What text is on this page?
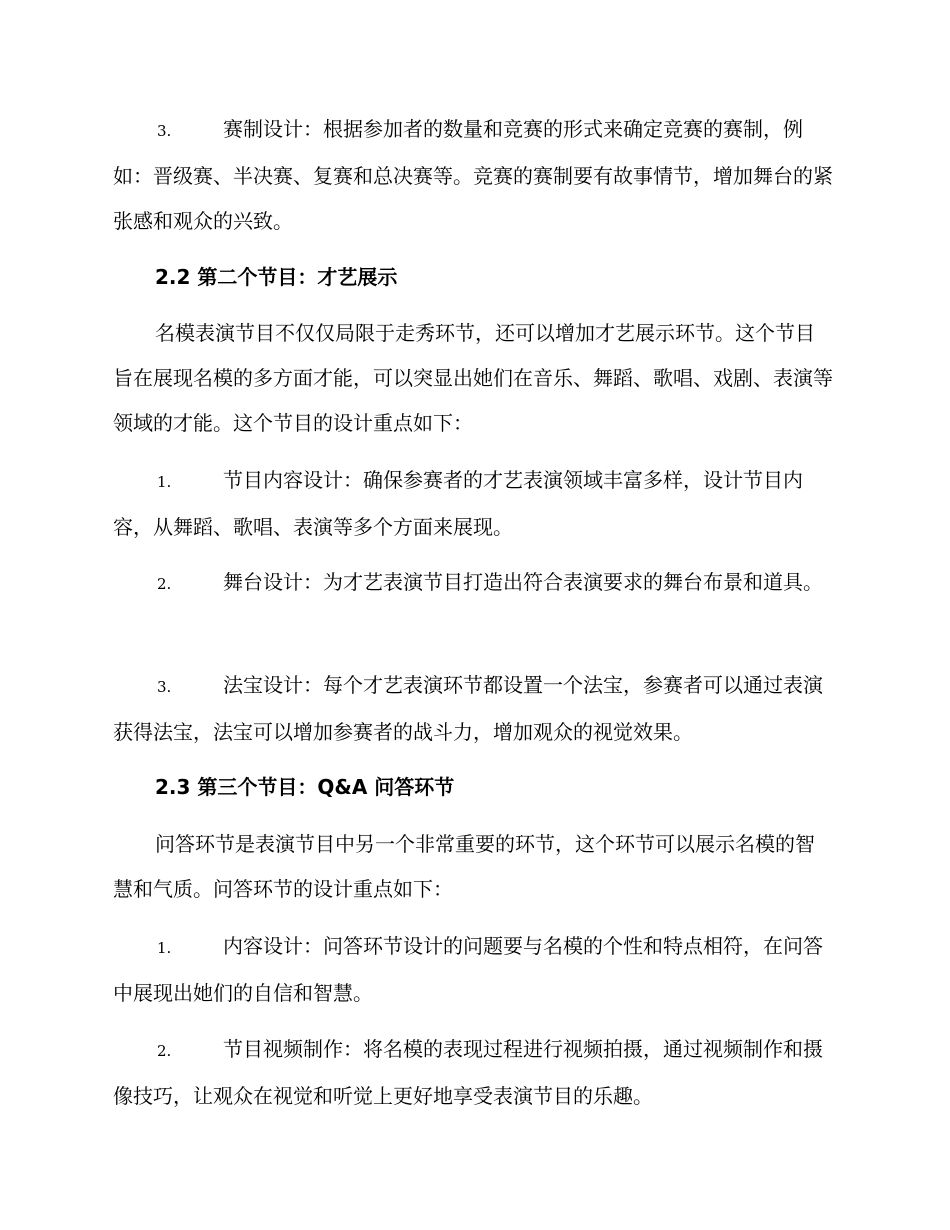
3.	赛制设计：根据参加者的数量和竞赛的形式来确定竞赛的赛制，例如：晋级赛、半决赛、复赛和总决赛等。竞赛的赛制要有故事情节，增加舞台的紧张感和观众的兴致。

2.2 第二个节目：才艺展示

名模表演节目不仅仅局限于走秀环节，还可以增加才艺展示环节。这个节目旨在展现名模的多方面才能，可以突显出她们在音乐、舞蹈、歌唱、戏剧、表演等领域的才能。这个节目的设计重点如下：

1.	节目内容设计：确保参赛者的才艺表演领域丰富多样，设计节目内容，从舞蹈、歌唱、表演等多个方面来展现。

2.	舞台设计：为才艺表演节目打造出符合表演要求的舞台布景和道具。

3.	法宝设计：每个才艺表演环节都设置一个法宝，参赛者可以通过表演获得法宝，法宝可以增加参赛者的战斗力，增加观众的视觉效果。

2.3 第三个节目：Q&A 问答环节

问答环节是表演节目中另一个非常重要的环节，这个环节可以展示名模的智慧和气质。问答环节的设计重点如下：

1.	内容设计：问答环节设计的问题要与名模的个性和特点相符，在问答中展现出她们的自信和智慧。

2.	节目视频制作：将名模的表现过程进行视频拍摄，通过视频制作和摄像技巧，让观众在视觉和听觉上更好地享受表演节目的乐趣。
